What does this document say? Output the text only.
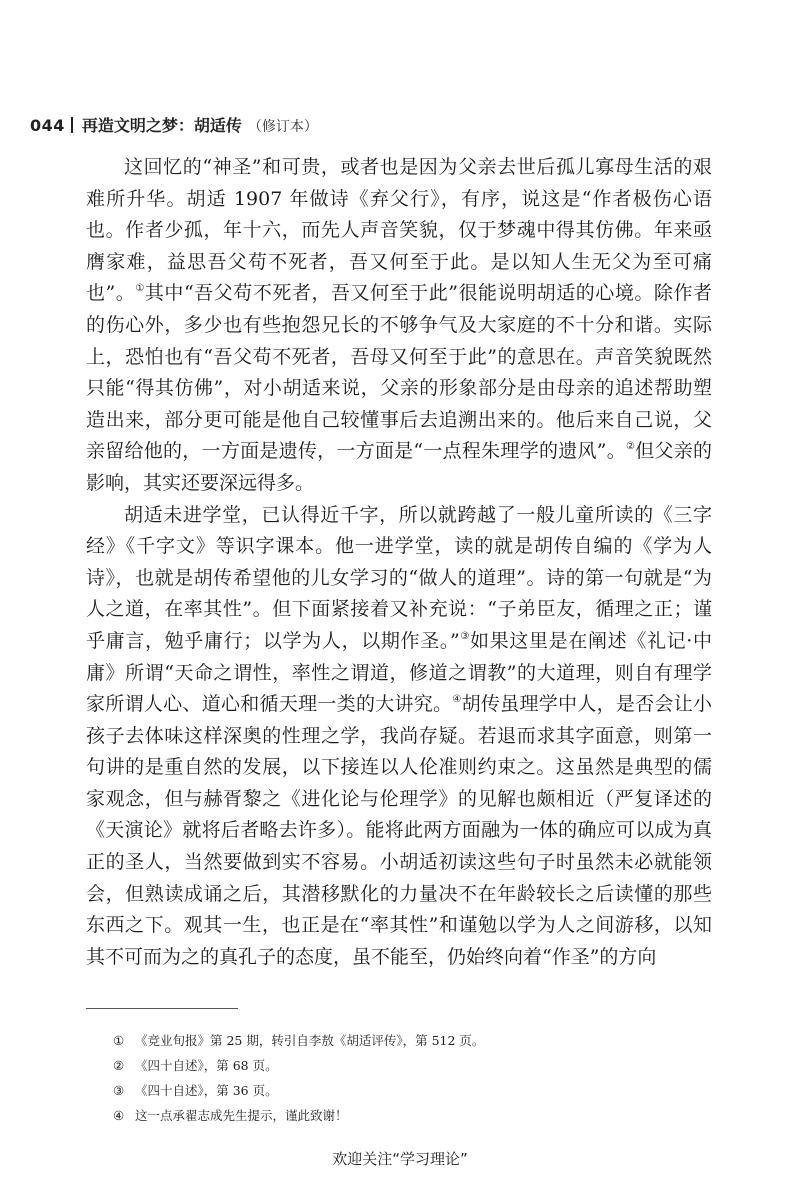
044 再造文明之梦：胡适传 （修订本）

这回忆的“神圣”和可贵，或者也是因为父亲去世后孤儿寡母生活的艰难所升华。胡适 1907 年做诗《弃父行》，有序，说这是“作者极伤心语也。作者少孤，年十六，而先人声音笑貌，仅于梦魂中得其仿佛。年来亟膺家难，益思吾父苟不死者，吾又何至于此。是以知人生无父为至可痛也”。①其中“吾父苟不死者，吾又何至于此”很能说明胡适的心境。除作者的伤心外，多少也有些抱怨兄长的不够争气及大家庭的不十分和谐。实际上，恐怕也有“吾父苟不死者，吾母又何至于此”的意思在。声音笑貌既然只能“得其仿佛”，对小胡适来说，父亲的形象部分是由母亲的追述帮助塑造出来，部分更可能是他自己较懂事后去追溯出来的。他后来自己说，父亲留给他的，一方面是遗传，一方面是“一点程朱理学的遗风”。②但父亲的影响，其实还要深远得多。

胡适未进学堂，已认得近千字，所以就跨越了一般儿童所读的《三字经》《千字文》等识字课本。他一进学堂，读的就是胡传自编的《学为人诗》，也就是胡传希望他的儿女学习的“做人的道理”。诗的第一句就是“为人之道，在率其性”。但下面紧接着又补充说：“子弟臣友，循理之正；谨乎庸言，勉乎庸行；以学为人，以期作圣。”③如果这里是在阐述《礼记·中庸》所谓“天命之谓性，率性之谓道，修道之谓教”的大道理，则自有理学家所谓人心、道心和循天理一类的大讲究。④胡传虽理学中人，是否会让小孩子去体味这样深奥的性理之学，我尚存疑。若退而求其字面意，则第一句讲的是重自然的发展，以下接连以人伦准则约束之。这虽然是典型的儒家观念，但与赫胥黎之《进化论与伦理学》的见解也颇相近（严复译述的《天演论》就将后者略去许多）。能将此两方面融为一体的确应可以成为真正的圣人，当然要做到实不容易。小胡适初读这些句子时虽然未必就能领会，但熟读成诵之后，其潜移默化的力量决不在年龄较长之后读懂的那些东西之下。观其一生，也正是在“率其性”和谨勉以学为人之间游移，以知其不可而为之的真孔子的态度，虽不能至，仍始终向着“作圣”的方向

① 《竞业旬报》第 25 期，转引自李敖《胡适评传》，第 512 页。
② 《四十自述》，第 68 页。
③ 《四十自述》，第 36 页。
④ 这一点承翟志成先生提示，谨此致谢！
欢迎关注“学习理论”
